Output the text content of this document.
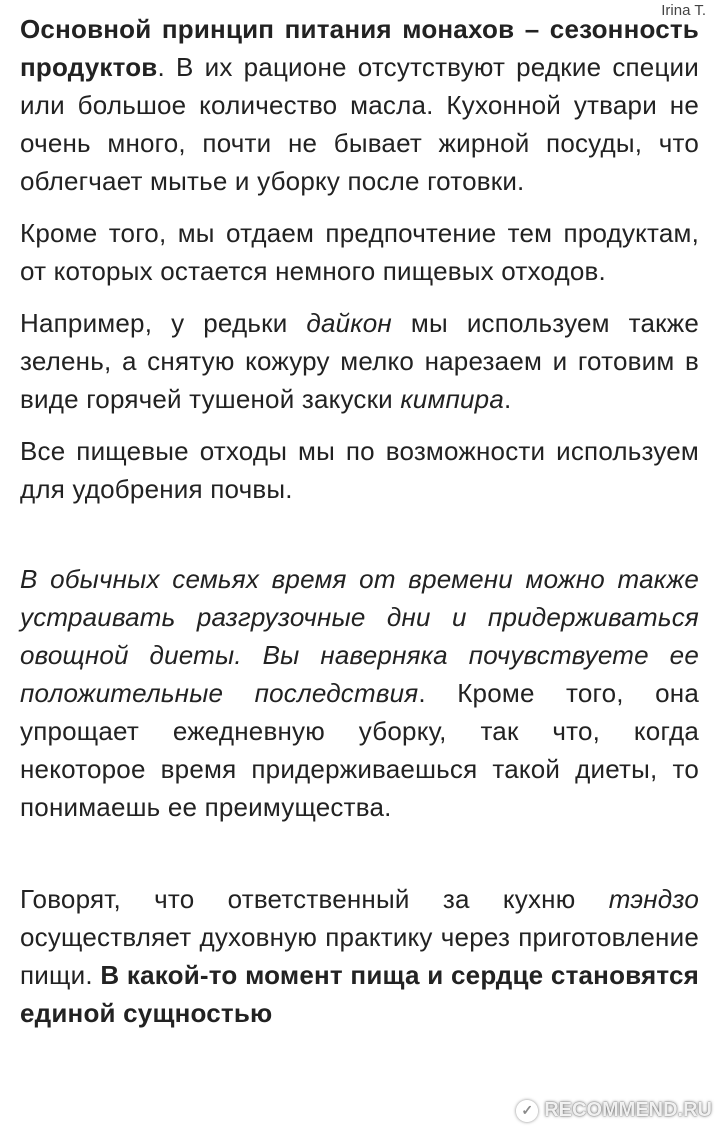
Irina T.

Основной принцип питания монахов – сезонность продуктов. В их рационе отсутствуют редкие специи или большое количество масла. Кухонной утвари не очень много, почти не бывает жирной посуды, что облегчает мытье и уборку после готовки.

Кроме того, мы отдаем предпочтение тем продуктам, от которых остается немного пищевых отходов.

Например, у редьки дайкон мы используем также зелень, а снятую кожуру мелко нарезаем и готовим в виде горячей тушеной закуски кимпира.

Все пищевые отходы мы по возможности используем для удобрения почвы.

В обычных семьях время от времени можно также устраивать разгрузочные дни и придерживаться овощной диеты. Вы наверняка почувствуете ее положительные последствия. Кроме того, она упрощает ежедневную уборку, так что, когда некоторое время придерживаешься такой диеты, то понимаешь ее преимущества.

Говорят, что ответственный за кухню тэндзо осуществляет духовную практику через приготовление пищи. В какой-то момент пища и сердце становятся единой сущностью

✓ RECOMMEND.RU
